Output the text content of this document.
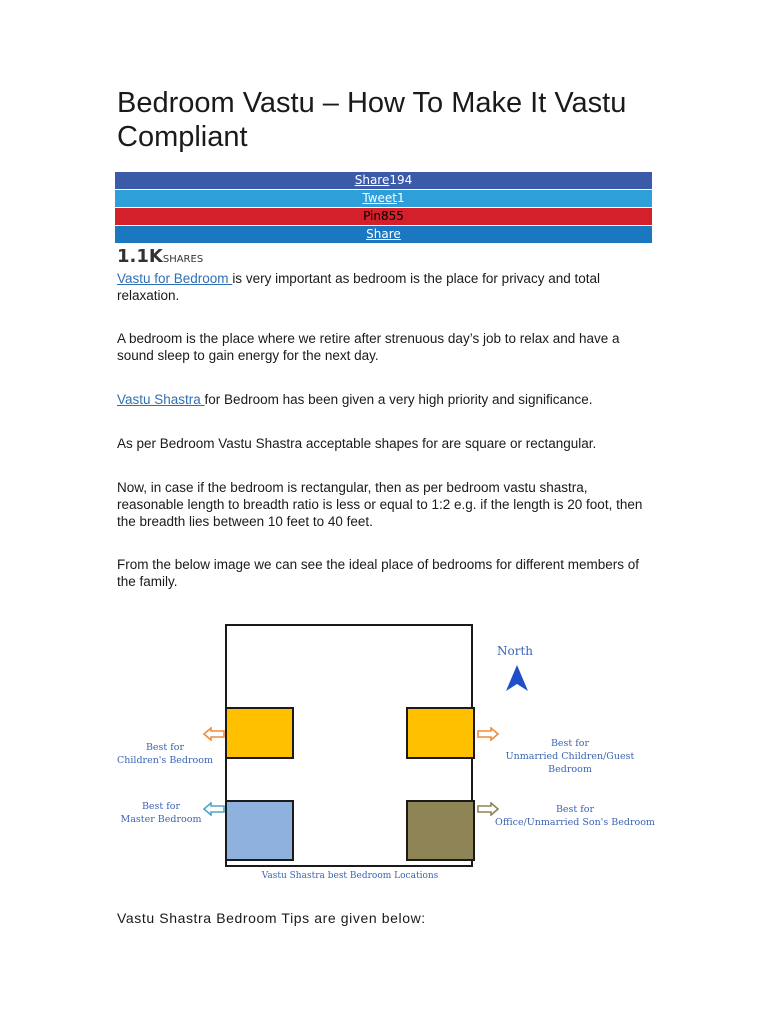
Bedroom Vastu – How To Make It Vastu Compliant
Share194
Tweet1
Pin855
Share
1.1KSHARES

Vastu for Bedroom is very important as bedroom is the place for privacy and total relaxation.

A bedroom is the place where we retire after strenuous day’s job to relax and have a sound sleep to gain energy for the next day.

Vastu Shastra for Bedroom has been given a very high priority and significance.

As per Bedroom Vastu Shastra acceptable shapes for are square or rectangular.

Now, in case if the bedroom is rectangular, then as per bedroom vastu shastra, reasonable length to breadth ratio is less or equal to 1:2 e.g. if the length is 20 foot, then the breadth lies between 10 feet to 40 feet.

From the below image we can see the ideal place of bedrooms for different members of the family.

Best for
Children's Bedroom
Best for
Master Bedroom
Best for
Unmarried Children/Guest Bedroom
Best for
Office/Unmarried Son's Bedroom
North
Vastu Shastra best Bedroom Locations
Vastu Shastra Bedroom Tips are given below:
